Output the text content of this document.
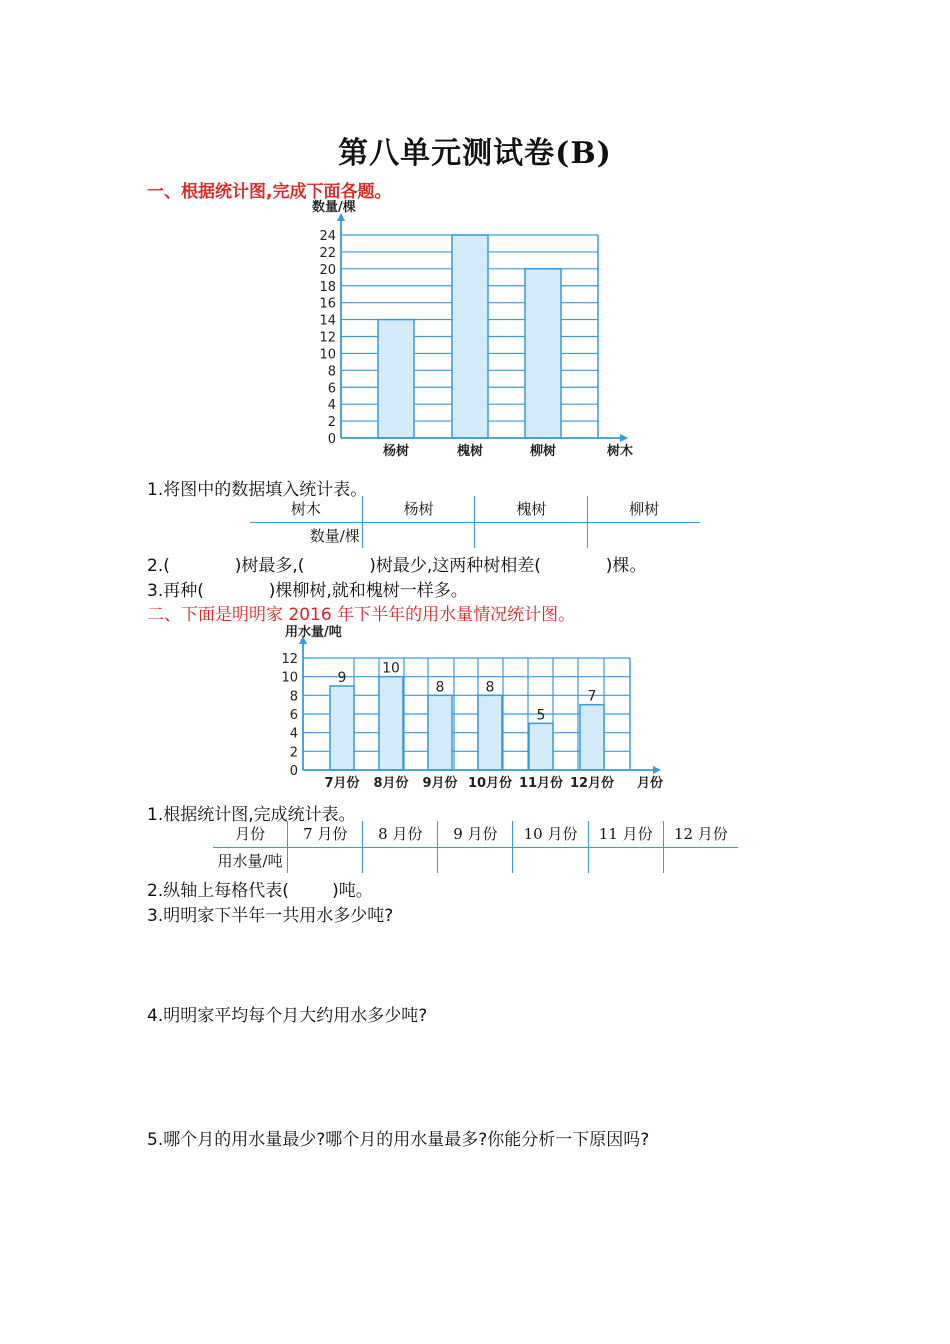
第八单元测试卷(B)
一、根据统计图,完成下面各题。
杨树	槐树	柳树
0
2
4
6
8
10
12
14
16
18
20
22
24
数量/棵
树木
1.将图中的数据填入统计表。
树木	杨树	槐树	柳树
数量/棵			
2.(            )树最多,(            )树最少,这两种树相差(            )棵。
3.再种(            )棵柳树,就和槐树一样多。
二、下面是明明家 2016 年下半年的用水量情况统计图。
9
7月份
10
8月份
8
9月份
8
10月份
5
11月份
7
12月份
0
2
4
6
8
10
12
用水量/吨
月份
1.根据统计图,完成统计表。
月份	7 月份	8 月份	9 月份	10 月份	11 月份	12 月份
用水量/吨						
2.纵轴上每格代表(        )吨。
3.明明家下半年一共用水多少吨?
4.明明家平均每个月大约用水多少吨?
5.哪个月的用水量最少?哪个月的用水量最多?你能分析一下原因吗?
